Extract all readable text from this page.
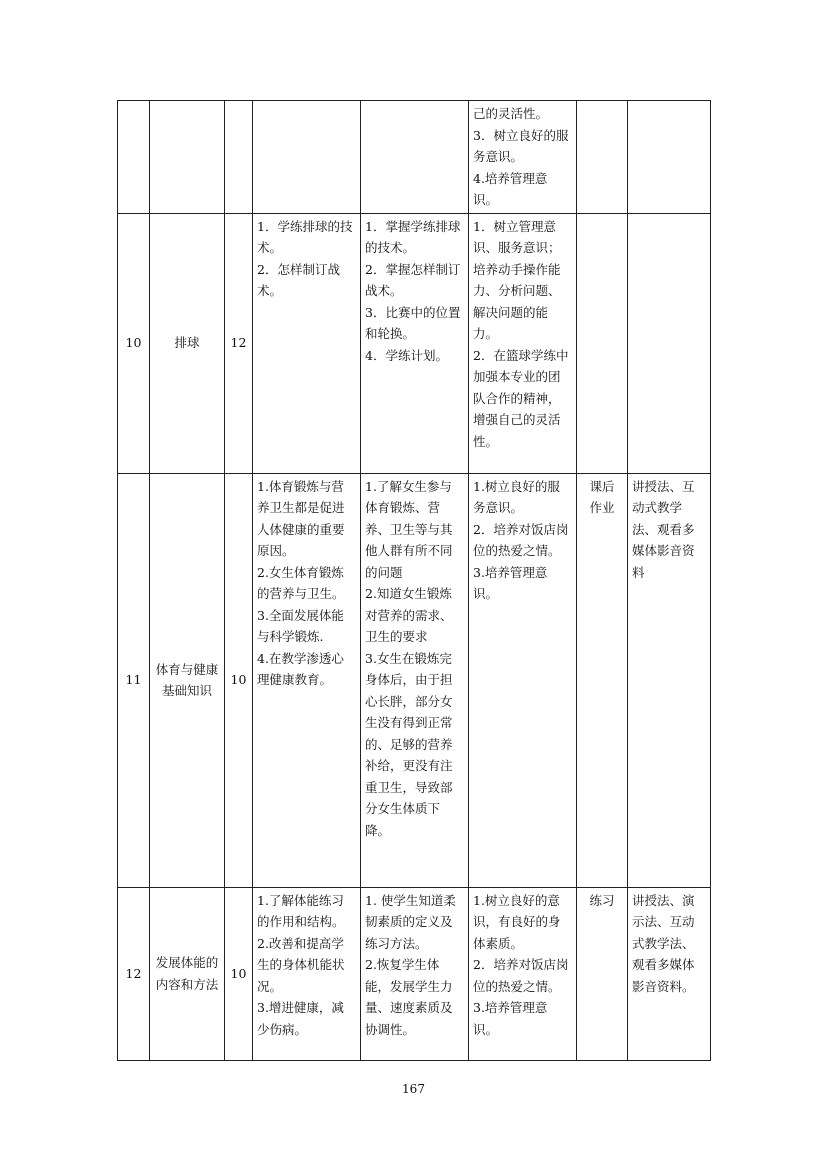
					己的灵活性。
3．树立良好的服务意识。
4.培养管理意识。		

10	排球	12	1．学练排球的技术。
2．怎样制订战术。	1．掌握学练排球的技术。
2．掌握怎样制订战术。
3．比赛中的位置和轮换。
4．学练计划。	1．树立管理意识、服务意识；培养动手操作能力、分析问题、解决问题的能力。
2．在篮球学练中加强本专业的团队合作的精神，增强自己的灵活性。		

11	体育与健康基础知识	10	1.体育锻炼与营养卫生都是促进人体健康的重要原因。
2.女生体育锻炼的营养与卫生。
3.全面发展体能与科学锻炼.
4.在教学渗透心理健康教育。	1.了解女生参与体育锻炼、营养、卫生等与其他人群有所不同的问题
2.知道女生锻炼对营养的需求、卫生的要求
3.女生在锻炼完身体后，由于担心长胖，部分女生没有得到正常的、足够的营养补给，更没有注重卫生，导致部分女生体质下降。	1.树立良好的服务意识。
2．培养对饭店岗位的热爱之情。
3.培养管理意识。	课后作业	讲授法、互动式教学法、观看多媒体影音资料
12	发展体能的内容和方法	10	1.了解体能练习的作用和结构。
2.改善和提高学生的身体机能状况。
3.增进健康，减少伤病。	1. 使学生知道柔韧素质的定义及练习方法。
2.恢复学生体能，发展学生力量、速度素质及协调性。	1.树立良好的意识，有良好的身体素质。
2．培养对饭店岗位的热爱之情。
3.培养管理意识。	练习	讲授法、演示法、互动式教学法、观看多媒体影音资料。
167
